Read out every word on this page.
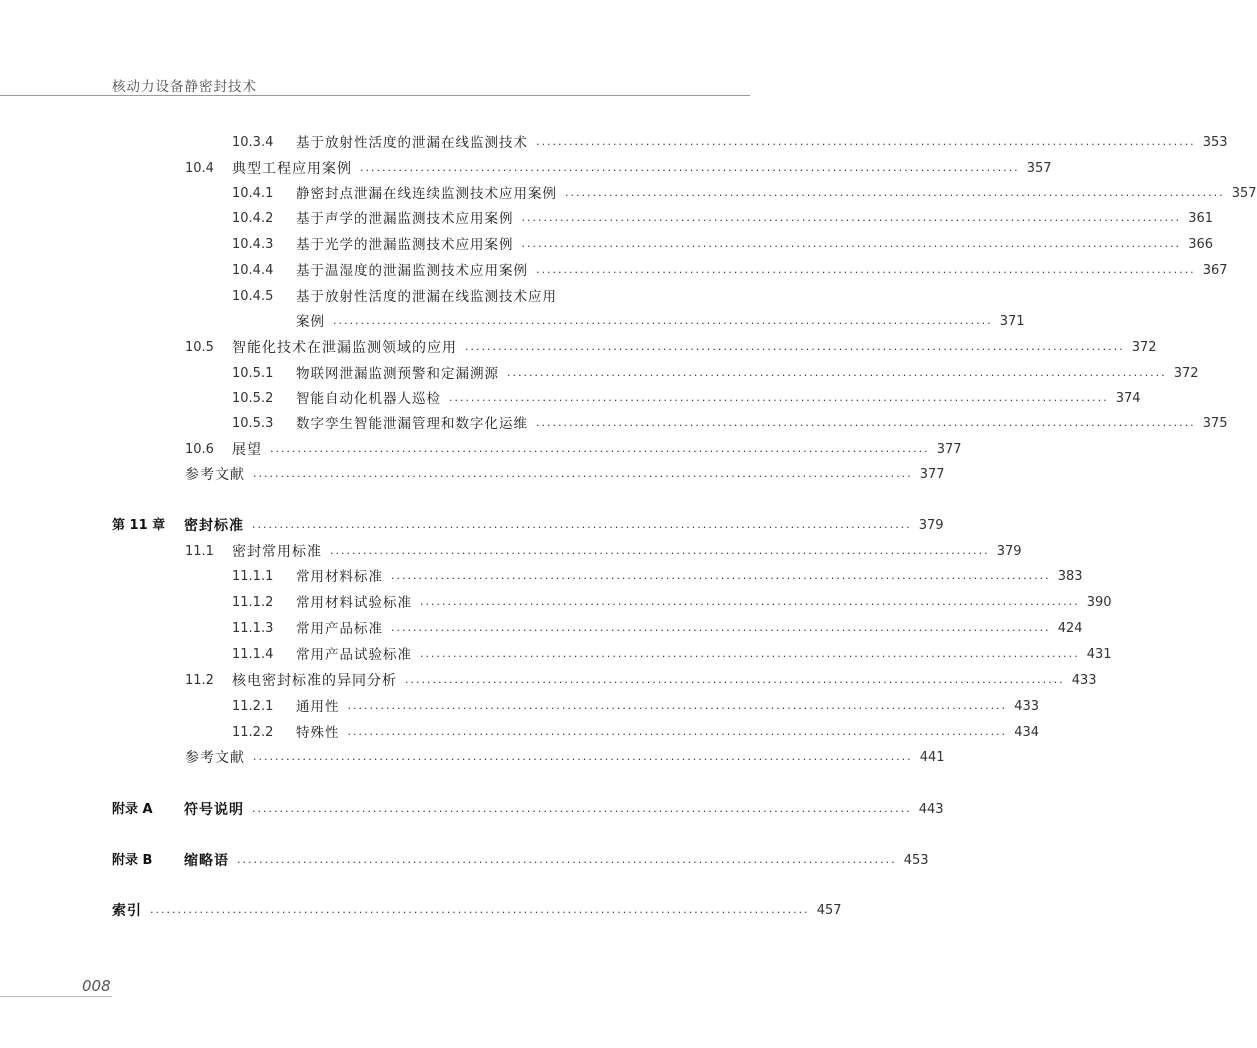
核动力设备静密封技术
10.3.4	基于放射性活度的泄漏在线监测技术 ························································································································ 353
10.4	典型工程应用案例 ························································································································ 357
10.4.1	静密封点泄漏在线连续监测技术应用案例 ························································································································ 357
10.4.2	基于声学的泄漏监测技术应用案例 ························································································································ 361
10.4.3	基于光学的泄漏监测技术应用案例 ························································································································ 366
10.4.4	基于温湿度的泄漏监测技术应用案例 ························································································································ 367
10.4.5	基于放射性活度的泄漏在线监测技术应用
案例 ························································································································ 371
10.5	智能化技术在泄漏监测领域的应用 ························································································································ 372
10.5.1	物联网泄漏监测预警和定漏溯源 ························································································································ 372
10.5.2	智能自动化机器人巡检 ························································································································ 374
10.5.3	数字孪生智能泄漏管理和数字化运维 ························································································································ 375
10.6	展望 ························································································································ 377
参考文献 ························································································································ 377
第 11 章	密封标准 ························································································································ 379
11.1	密封常用标准 ························································································································ 379
11.1.1	常用材料标准 ························································································································ 383
11.1.2	常用材料试验标准 ························································································································ 390
11.1.3	常用产品标准 ························································································································ 424
11.1.4	常用产品试验标准 ························································································································ 431
11.2	核电密封标准的异同分析 ························································································································ 433
11.2.1	通用性 ························································································································ 433
11.2.2	特殊性 ························································································································ 434
参考文献 ························································································································ 441
附录 A	符号说明 ························································································································ 443
附录 B	缩略语 ························································································································ 453
索引 ························································································································ 457
008
